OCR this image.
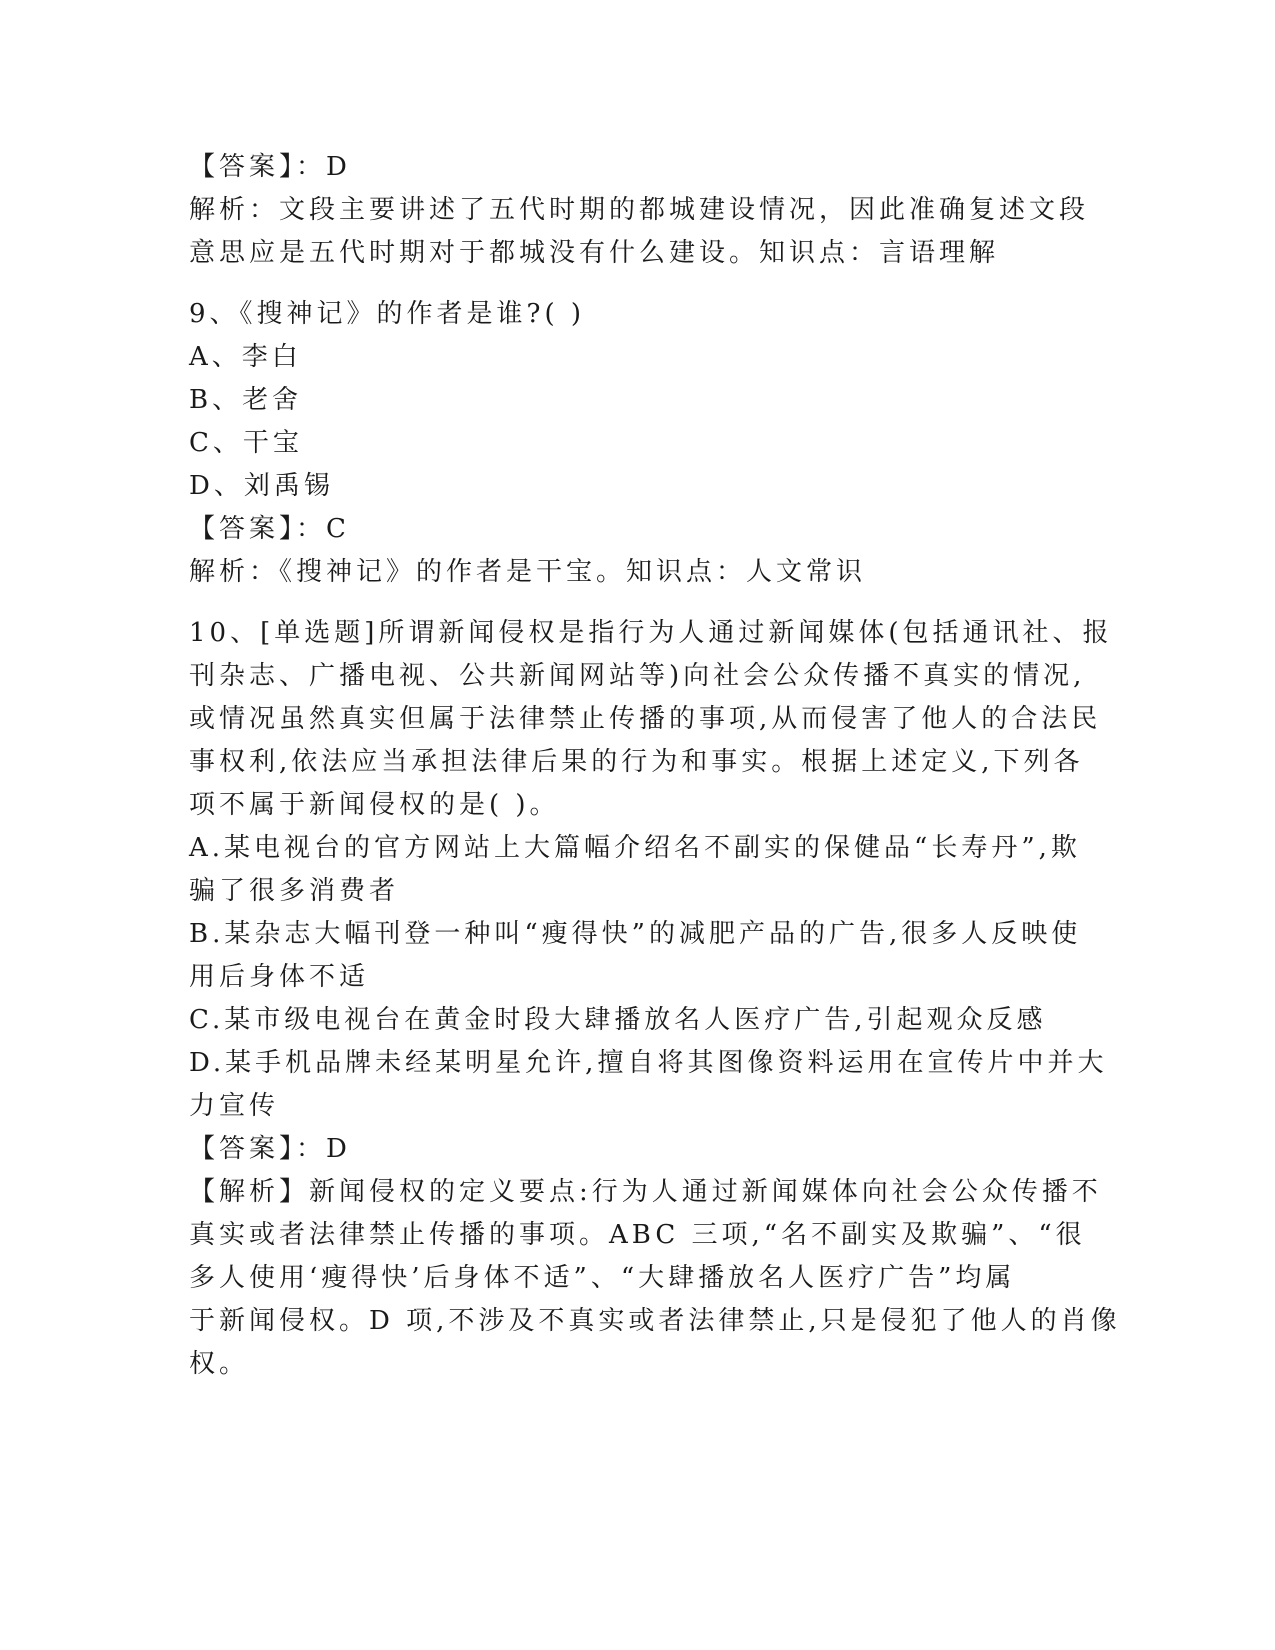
【答案】：D
解析：文段主要讲述了五代时期的都城建设情况，因此准确复述文段
意思应是五代时期对于都城没有什么建设。知识点：言语理解
9、《搜神记》的作者是谁?( )
A、李白
B、老舍
C、干宝
D、刘禹锡
【答案】：C
解析：《搜神记》的作者是干宝。知识点：人文常识
10、[单选题]所谓新闻侵权是指行为人通过新闻媒体(包括通讯社、报
刊杂志、广播电视、公共新闻网站等)向社会公众传播不真实的情况,
或情况虽然真实但属于法律禁止传播的事项,从而侵害了他人的合法民
事权利,依法应当承担法律后果的行为和事实。根据上述定义,下列各
项不属于新闻侵权的是( )。
A.某电视台的官方网站上大篇幅介绍名不副实的保健品“长寿丹”,欺
骗了很多消费者
B.某杂志大幅刊登一种叫“瘦得快”的减肥产品的广告,很多人反映使
用后身体不适
C.某市级电视台在黄金时段大肆播放名人医疗广告,引起观众反感
D.某手机品牌未经某明星允许,擅自将其图像资料运用在宣传片中并大
力宣传
【答案】：D
【解析】新闻侵权的定义要点:行为人通过新闻媒体向社会公众传播不
真实或者法律禁止传播的事项。ABC 三项,“名不副实及欺骗”、“很
多人使用‘瘦得快’后身体不适”、“大肆播放名人医疗广告”均属
于新闻侵权。D 项,不涉及不真实或者法律禁止,只是侵犯了他人的肖像
权。
